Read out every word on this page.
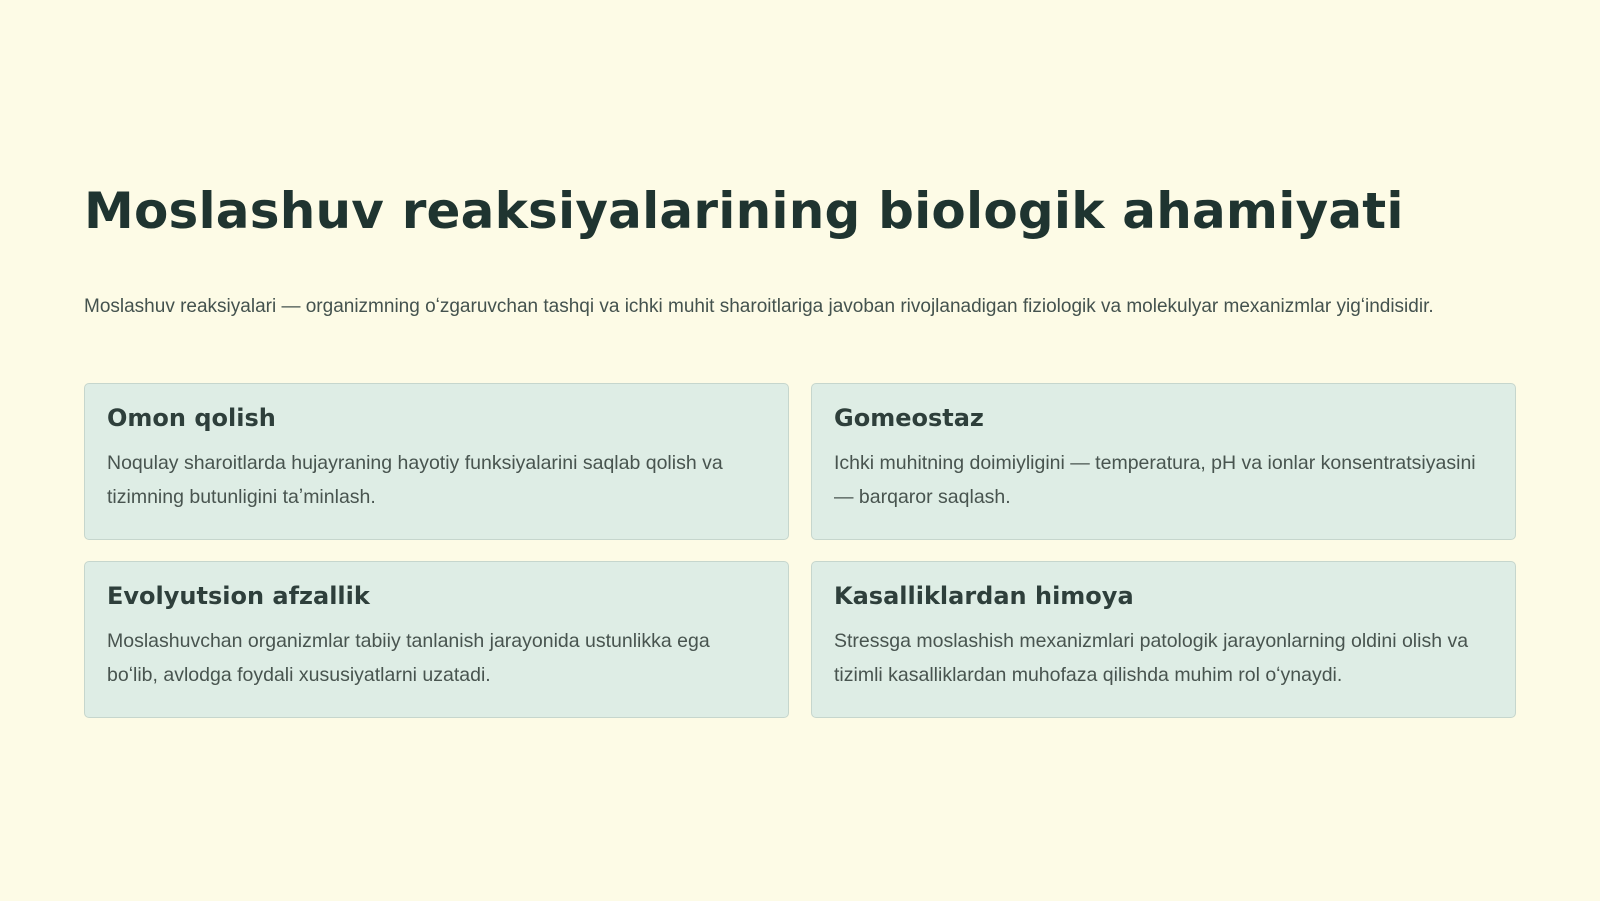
Moslashuv reaksiyalarining biologik ahamiyati

Moslashuv reaksiyalari — organizmning oʻzgaruvchan tashqi va ichki muhit sharoitlariga javoban rivojlanadigan fiziologik va molekulyar mexanizmlar yigʻindisidir.

Omon qolish

Noqulay sharoitlarda hujayraning hayotiy funksiyalarini saqlab qolish va tizimning butunligini taʼminlash.

Gomeostaz

Ichki muhitning doimiyligini — temperatura, pH va ionlar konsentratsiyasini — barqaror saqlash.

Evolyutsion afzallik

Moslashuvchan organizmlar tabiiy tanlanish jarayonida ustunlikka ega boʻlib, avlodga foydali xususiyatlarni uzatadi.

Kasalliklardan himoya

Stressga moslashish mexanizmlari patologik jarayonlarning oldini olish va tizimli kasalliklardan muhofaza qilishda muhim rol oʻynaydi.
